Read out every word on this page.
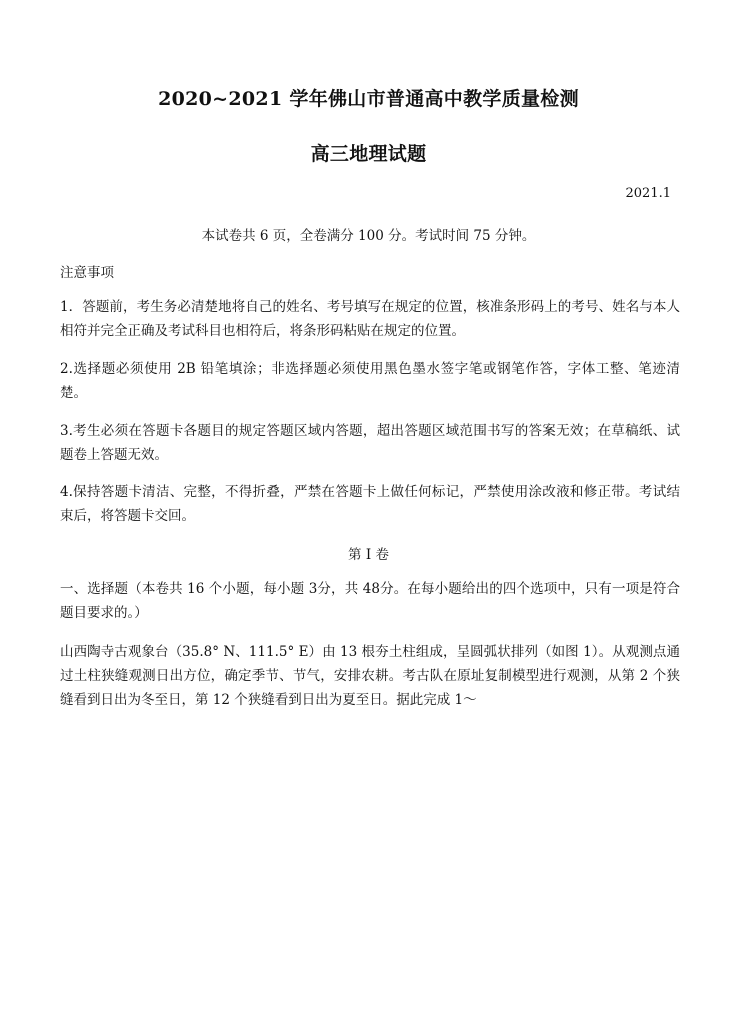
2020~2021 学年佛山市普通高中教学质量检测
高三地理试题
2021.1
本试卷共 6 页，全卷满分 100 分。考试时间 75 分钟。
注意事项
1．答题前，考生务必清楚地将自己的姓名、考号填写在规定的位置，核准条形码上的考号、姓名与本人相符并完全正确及考试科目也相符后，将条形码粘贴在规定的位置。
2.选择题必须使用 2B 铅笔填涂；非选择题必须使用黑色墨水签字笔或钢笔作答，字体工整、笔迹清楚。
3.考生必须在答题卡各题目的规定答题区域内答题，超出答题区域范围书写的答案无效；在草稿纸、试题卷上答题无效。
4.保持答题卡清洁、完整，不得折叠，严禁在答题卡上做任何标记，严禁使用涂改液和修正带。考试结束后，将答题卡交回。
第 I 卷
一、选择题（本卷共 16 个小题，每小题 3分，共 48分。在每小题给出的四个选项中，只有一项是符合题目要求的。）
山西陶寺古观象台（35.8° N、111.5° E）由 13 根夯土柱组成，呈圆弧状排列（如图 1）。从观测点通过土柱狭缝观测日出方位，确定季节、节气，安排农耕。考古队在原址复制模型进行观测，从第 2 个狭缝看到日出为冬至日，第 12 个狭缝看到日出为夏至日。据此完成 1～
